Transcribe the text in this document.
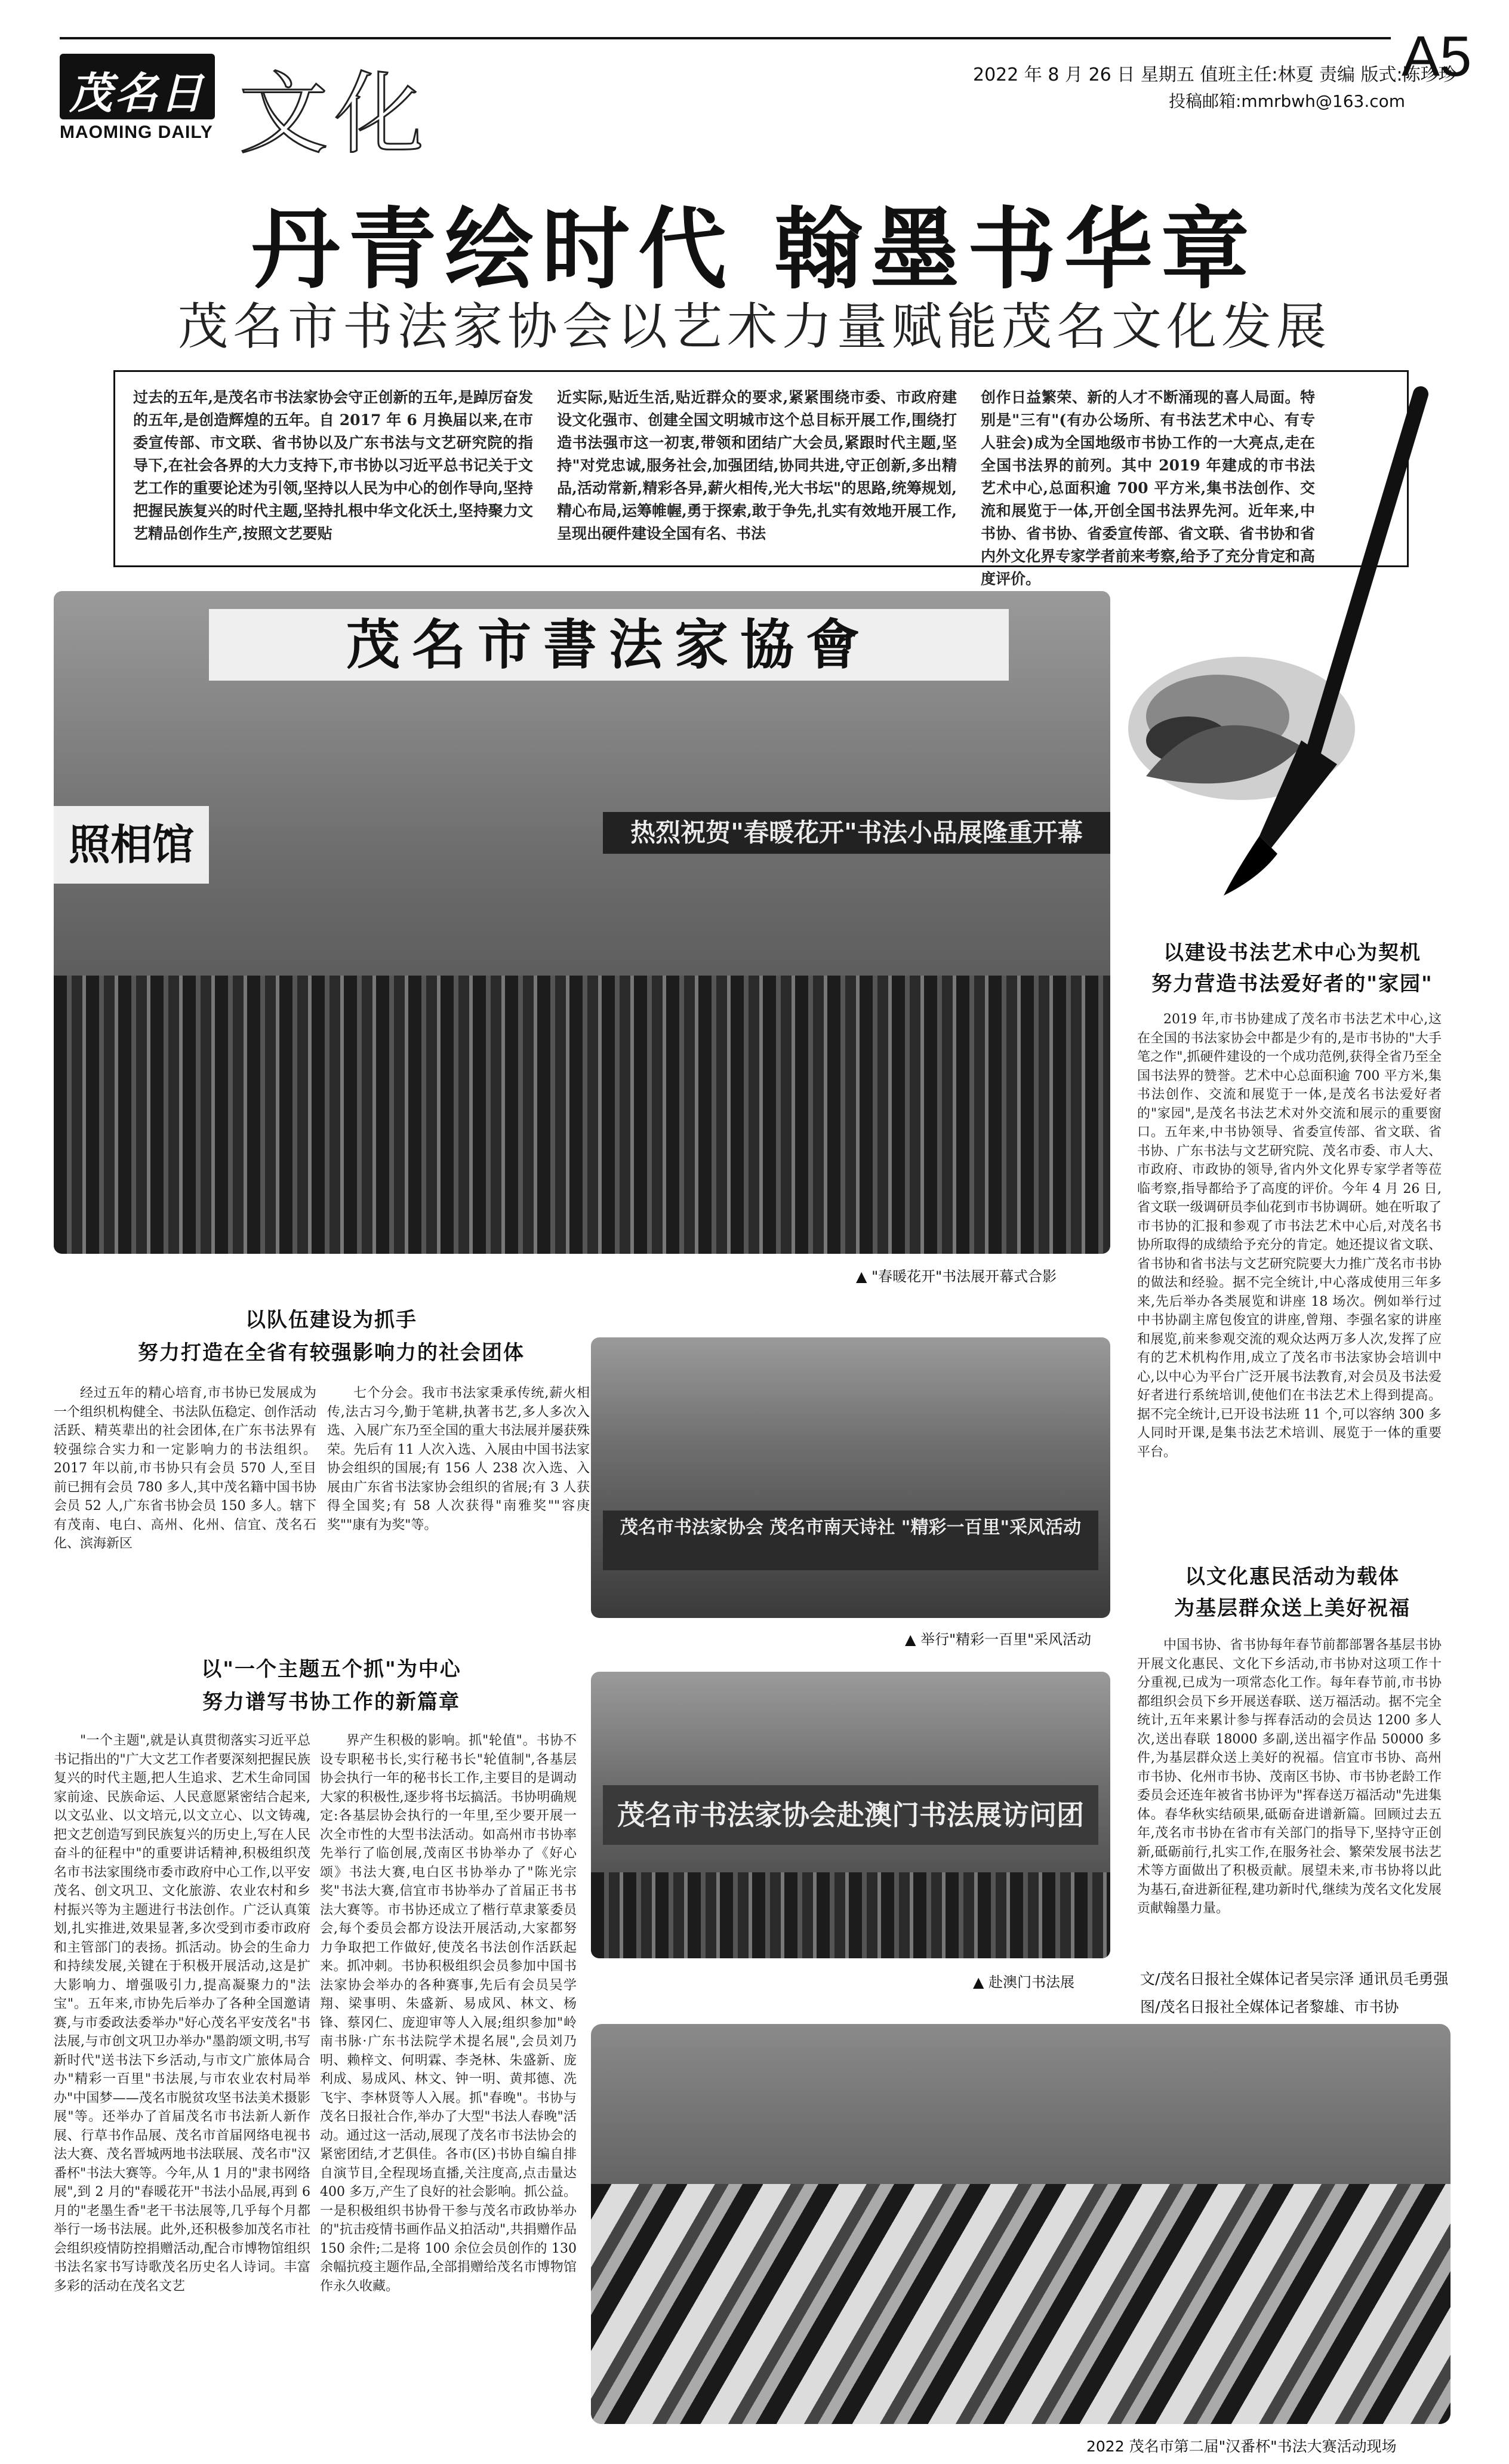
茂名日報
MAOMING DAILY 文化	2022 年 8 月 26 日 星期五 值班主任:林夏 责编 版式:陈珍珍
投稿邮箱:mmrbwh@163.com
A5
丹青绘时代 翰墨书华章
茂名市书法家协会以艺术力量赋能茂名文化发展
过去的五年,是茂名市书法家协会守正创新的五年,是踔厉奋发的五年,是创造辉煌的五年。自 2017 年 6 月换届以来,在市委宣传部、市文联、省书协以及广东书法与文艺研究院的指导下,在社会各界的大力支持下,市书协以习近平总书记关于文艺工作的重要论述为引领,坚持以人民为中心的创作导向,坚持把握民族复兴的时代主题,坚持扎根中华文化沃土,坚持聚力文艺精品创作生产,按照文艺要贴
近实际,贴近生活,贴近群众的要求,紧紧围绕市委、市政府建设文化强市、创建全国文明城市这个总目标开展工作,围绕打造书法强市这一初衷,带领和团结广大会员,紧跟时代主题,坚持"对党忠诚,服务社会,加强团结,协同共进,守正创新,多出精品,活动常新,精彩各异,薪火相传,光大书坛"的思路,统筹规划,精心布局,运筹帷幄,勇于探索,敢于争先,扎实有效地开展工作,呈现出硬件建设全国有名、书法
创作日益繁荣、新的人才不断涌现的喜人局面。特别是"三有"(有办公场所、有书法艺术中心、有专人驻会)成为全国地级市书协工作的一大亮点,走在全国书法界的前列。其中 2019 年建成的市书法艺术中心,总面积逾 700 平方米,集书法创作、交流和展览于一体,开创全国书法界先河。近年来,中书协、省书协、省委宣传部、省文联、省书协和省内外文化界专家学者前来考察,给予了充分肯定和高度评价。
茂名市書法家協會
照相馆	热烈祝贺"春暖花开"书法小品展隆重开幕
▲ "春暖花开"书法展开幕式合影
以队伍建设为抓手
努力打造在全省有较强影响力的社会团体

经过五年的精心培育,市书协已发展成为一个组织机构健全、书法队伍稳定、创作活动活跃、精英辈出的社会团体,在广东书法界有较强综合实力和一定影响力的书法组织。2017 年以前,市书协只有会员 570 人,至目前已拥有会员 780 多人,其中茂名籍中国书协会员 52 人,广东省书协会员 150 多人。辖下有茂南、电白、高州、化州、信宜、茂名石化、滨海新区

七个分会。我市书法家秉承传统,薪火相传,法古习今,勤于笔耕,执著书艺,多人多次入选、入展广东乃至全国的重大书法展并屡获殊荣。先后有 11 人次入选、入展由中国书法家协会组织的国展;有 156 人 238 次入选、入展由广东省书法家协会组织的省展;有 3 人获得全国奖;有 58 人次获得"南雅奖""容庚奖""康有为奖"等。	茂名市书法家协会 茂名市南天诗社 "精彩一百里"采风活动
▲ 举行"精彩一百里"采风活动
以"一个主题五个抓"为中心
努力谱写书协工作的新篇章

"一个主题",就是认真贯彻落实习近平总书记指出的"广大文艺工作者要深刻把握民族复兴的时代主题,把人生追求、艺术生命同国家前途、民族命运、人民意愿紧密结合起来,以文弘业、以文培元,以文立心、以文铸魂,把文艺创造写到民族复兴的历史上,写在人民奋斗的征程中"的重要讲话精神,积极组织茂名市书法家围绕市委市政府中心工作,以平安茂名、创文巩卫、文化旅游、农业农村和乡村振兴等为主题进行书法创作。广泛认真策划,扎实推进,效果显著,多次受到市委市政府和主管部门的表扬。抓活动。协会的生命力和持续发展,关键在于积极开展活动,这是扩大影响力、增强吸引力,提高凝聚力的"法宝"。五年来,市协先后举办了各种全国邀请赛,与市委政法委举办"好心茂名平安茂名"书法展,与市创文巩卫办举办"墨韵颂文明,书写新时代"送书法下乡活动,与市文广旅体局合办"精彩一百里"书法展,与市农业农村局举办"中国梦——茂名市脱贫攻坚书法美术摄影展"等。还举办了首届茂名市书法新人新作展、行草书作品展、茂名市首届网络电视书法大赛、茂名晋城两地书法联展、茂名市"汉番杯"书法大赛等。今年,从 1 月的"隶书网络展",到 2 月的"春暖花开"书法小品展,再到 6 月的"老墨生香"老干书法展等,几乎每个月都举行一场书法展。此外,还积极参加茂名市社会组织疫情防控捐赠活动,配合市博物馆组织书法名家书写诗歌茂名历史名人诗词。丰富多彩的活动在茂名文艺

界产生积极的影响。抓"轮值"。书协不设专职秘书长,实行秘书长"轮值制",各基层协会执行一年的秘书长工作,主要目的是调动大家的积极性,逐步将书坛搞活。书协明确规定:各基层协会执行的一年里,至少要开展一次全市性的大型书法活动。如高州市书协率先举行了临创展,茂南区书协举办了《好心颂》书法大赛,电白区书协举办了"陈光宗奖"书法大赛,信宜市书协举办了首届正书书法大赛等。市书协还成立了楷行草隶篆委员会,每个委员会都方设法开展活动,大家都努力争取把工作做好,使茂名书法创作活跃起来。抓冲刺。书协积极组织会员参加中国书法家协会举办的各种赛事,先后有会员吴学翔、梁事明、朱盛新、易成风、林文、杨锋、蔡冈仁、庞迎审等人入展;组织参加"岭南书脉·广东书法院学术提名展",会员刘乃明、赖梓文、何明霖、李尧林、朱盛新、庞利成、易成风、林文、钟一明、黄邦德、冼飞宇、李林贤等人入展。抓"春晚"。书协与茂名日报社合作,举办了大型"书法人春晚"活动。通过这一活动,展现了茂名市书法协会的紧密团结,才艺俱佳。各市(区)书协自编自排自演节目,全程现场直播,关注度高,点击量达 400 多万,产生了良好的社会影响。抓公益。一是积极组织书协骨干参与茂名市政协举办的"抗击疫情书画作品义拍活动",共捐赠作品 150 余件;二是将 100 余位会员创作的 130 余幅抗疫主题作品,全部捐赠给茂名市博物馆作永久收藏。

茂名市书法家协会赴澳门书法展访问团
▲ 赴澳门书法展
以建设书法艺术中心为契机
努力营造书法爱好者的"家园"

2019 年,市书协建成了茂名市书法艺术中心,这在全国的书法家协会中都是少有的,是市书协的"大手笔之作",抓硬件建设的一个成功范例,获得全省乃至全国书法界的赞誉。艺术中心总面积逾 700 平方米,集书法创作、交流和展览于一体,是茂名书法爱好者的"家园",是茂名书法艺术对外交流和展示的重要窗口。五年来,中书协领导、省委宣传部、省文联、省书协、广东书法与文艺研究院、茂名市委、市人大、市政府、市政协的领导,省内外文化界专家学者等莅临考察,指导都给予了高度的评价。今年 4 月 26 日,省文联一级调研员李仙花到市书协调研。她在听取了市书协的汇报和参观了市书法艺术中心后,对茂名书协所取得的成绩给予充分的肯定。她还提议省文联、省书协和省书法与文艺研究院要大力推广茂名市书协的做法和经验。据不完全统计,中心落成使用三年多来,先后举办各类展览和讲座 18 场次。例如举行过中书协副主席包俊宜的讲座,曾翔、李强名家的讲座和展览,前来参观交流的观众达两万多人次,发挥了应有的艺术机构作用,成立了茂名市书法家协会培训中心,以中心为平台广泛开展书法教育,对会员及书法爱好者进行系统培训,使他们在书法艺术上得到提高。据不完全统计,已开设书法班 11 个,可以容纳 300 多人同时开课,是集书法艺术培训、展览于一体的重要平台。

以文化惠民活动为载体
为基层群众送上美好祝福

中国书协、省书协每年春节前都部署各基层书协开展文化惠民、文化下乡活动,市书协对这项工作十分重视,已成为一项常态化工作。每年春节前,市书协都组织会员下乡开展送春联、送万福活动。据不完全统计,五年来累计参与挥春活动的会员达 1200 多人次,送出春联 18000 多副,送出福字作品 50000 多件,为基层群众送上美好的祝福。信宜市书协、高州市书协、化州市书协、茂南区书协、市书协老龄工作委员会还连年被省书协评为"挥春送万福活动"先进集体。春华秋实结硕果,砥砺奋进谱新篇。回顾过去五年,茂名市书协在省市有关部门的指导下,坚持守正创新,砥砺前行,扎实工作,在服务社会、繁荣发展书法艺术等方面做出了积极贡献。展望未来,市书协将以此为基石,奋进新征程,建功新时代,继续为茂名文化发展贡献翰墨力量。

文/茂名日报社全媒体记者吴宗泽 通讯员毛勇强
图/茂名日报社全媒体记者黎雄、市书协
2022 茂名市第二届"汉番杯"书法大赛活动现场
